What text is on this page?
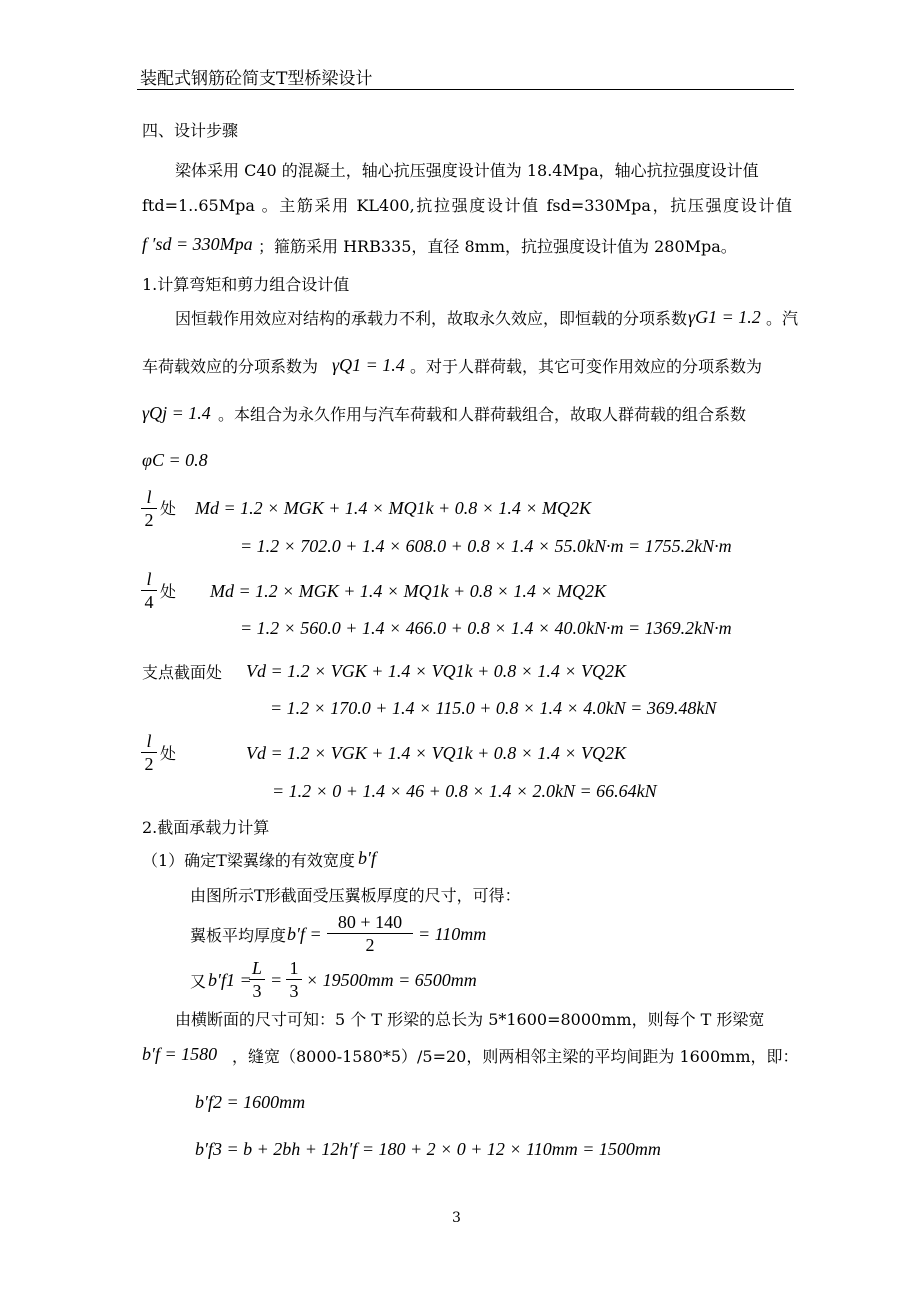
装配式钢筋砼简支T型桥梁设计
四、设计步骤
梁体采用 C40 的混凝土，轴心抗压强度设计值为 18.4Mpa，轴心抗拉强度设计值
ftd=1..65Mpa 。主筋采用 KL400,抗拉强度设计值 fsd=330Mpa，抗压强度设计值
f ′sd = 330Mpa ；箍筋采用 HRB335，直径 8mm，抗拉强度设计值为 280Mpa。
1.计算弯矩和剪力组合设计值
因恒载作用效应对结构的承载力不利，故取永久效应，即恒载的分项系数 γG1 = 1.2 。汽
车荷载效应的分项系数为 γQ1 = 1.4 。对于人群荷载，其它可变作用效应的分项系数为
γQj = 1.4 。本组合为永久作用与汽车荷载和人群荷载组合，故取人群荷载的组合系数
φC = 0.8
l
2
处 Md = 1.2 × MGK + 1.4 × MQ1k + 0.8 × 1.4 × MQ2K
= 1.2 × 702.0 + 1.4 × 608.0 + 0.8 × 1.4 × 55.0kN·m = 1755.2kN·m
l
4
处 Md = 1.2 × MGK + 1.4 × MQ1k + 0.8 × 1.4 × MQ2K
= 1.2 × 560.0 + 1.4 × 466.0 + 0.8 × 1.4 × 40.0kN·m = 1369.2kN·m
支点截面处 Vd = 1.2 × VGK + 1.4 × VQ1k + 0.8 × 1.4 × VQ2K
= 1.2 × 170.0 + 1.4 × 115.0 + 0.8 × 1.4 × 4.0kN = 369.48kN
l
2
处	Vd = 1.2 × VGK + 1.4 × VQ1k + 0.8 × 1.4 × VQ2K
= 1.2 × 0 + 1.4 × 46 + 0.8 × 1.4 × 2.0kN = 66.64kN
2.截面承载力计算
（1）确定T梁翼缘的有效宽度 b′f
由图所示T形截面受压翼板厚度的尺寸，可得：
翼板平均厚度 b′f =
80 + 140
2
= 110mm
又 b′f1 =
L
3
=
1
3
× 19500mm = 6500mm
由横断面的尺寸可知：5 个 T 形梁的总长为 5*1600=8000mm，则每个 T 形梁宽
b′f = 1580 ，缝宽（8000-1580*5）/5=20，则两相邻主梁的平均间距为 1600mm，即：
b′f2 = 1600mm
b′f3 = b + 2bh + 12h′f = 180 + 2 × 0 + 12 × 110mm = 1500mm
3
